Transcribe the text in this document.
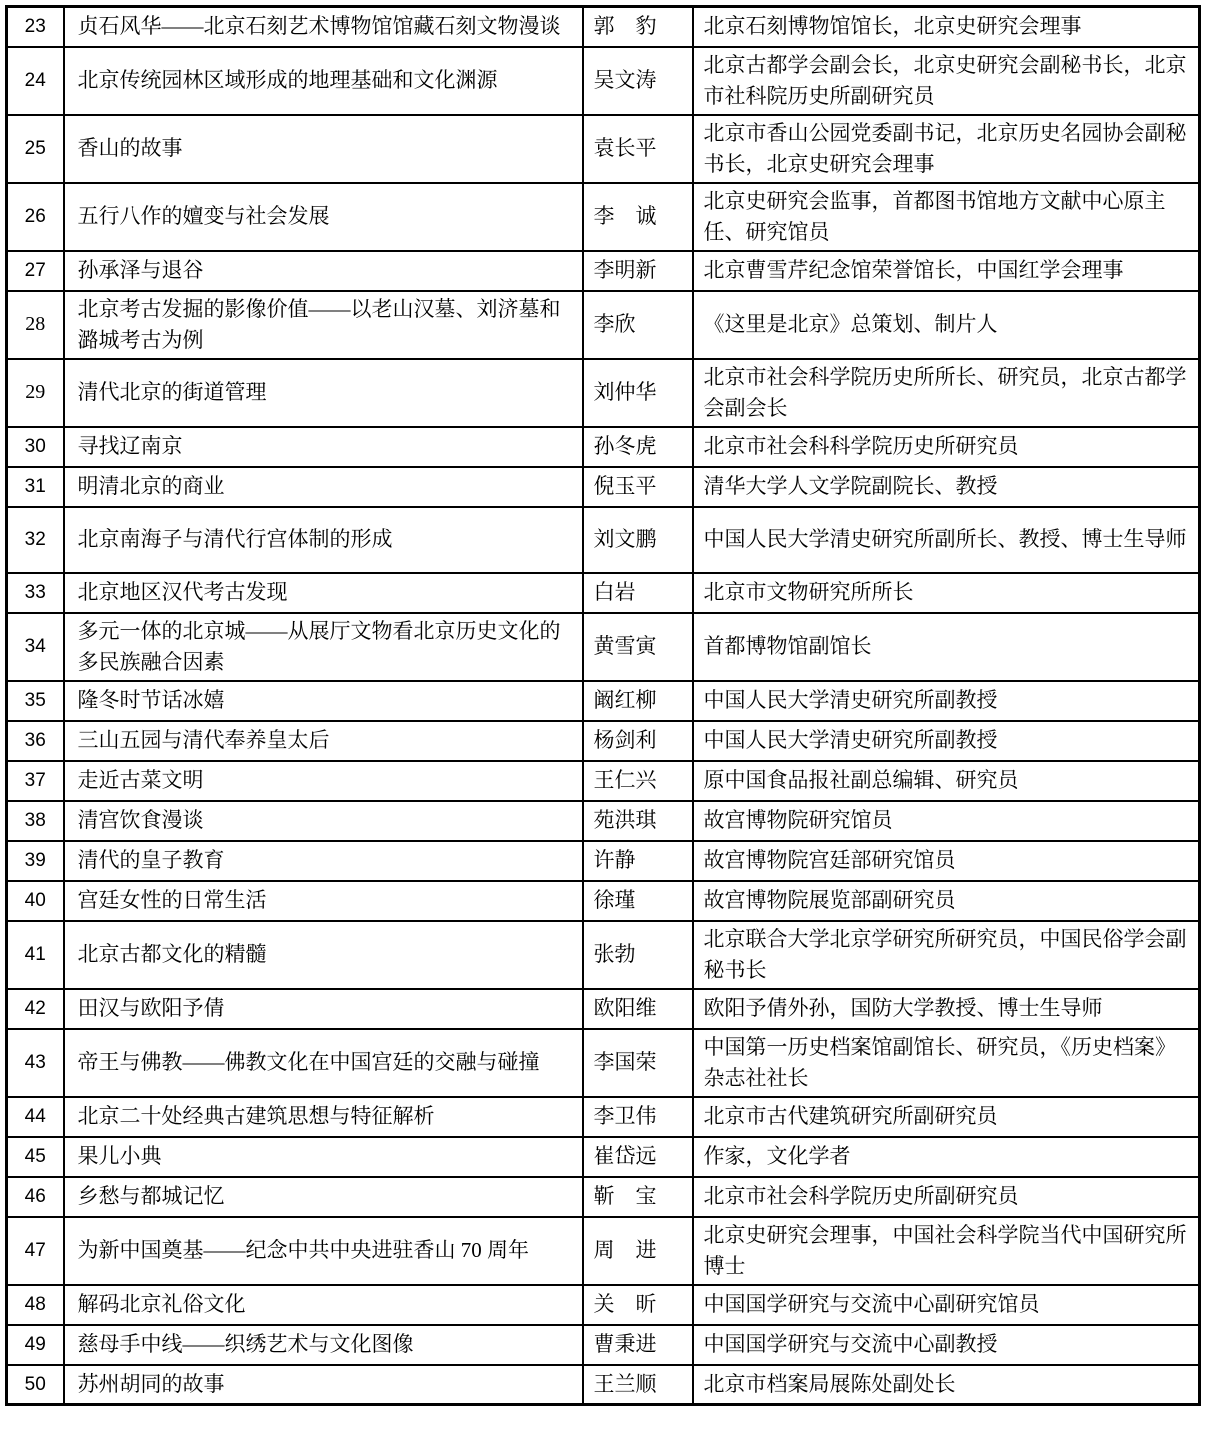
23	贞石风华——北京石刻艺术博物馆馆藏石刻文物漫谈	郭　豹	北京石刻博物馆馆长，北京史研究会理事
24	北京传统园林区域形成的地理基础和文化渊源	吴文涛	北京古都学会副会长，北京史研究会副秘书长，北京市社科院历史所副研究员
25	香山的故事	袁长平	北京市香山公园党委副书记，北京历史名园协会副秘书长，北京史研究会理事
26	五行八作的嬗变与社会发展	李　诚	北京史研究会监事，首都图书馆地方文献中心原主任、研究馆员
27	孙承泽与退谷	李明新	北京曹雪芹纪念馆荣誉馆长，中国红学会理事
28	北京考古发掘的影像价值——以老山汉墓、刘济墓和潞城考古为例	李欣	《这里是北京》总策划、制片人
29	清代北京的街道管理	刘仲华	北京市社会科学院历史所所长、研究员，北京古都学会副会长
30	寻找辽南京	孙冬虎	北京市社会科科学院历史所研究员
31	明清北京的商业	倪玉平	清华大学人文学院副院长、教授
32	北京南海子与清代行宫体制的形成	刘文鹏	中国人民大学清史研究所副所长、教授、博士生导师
33	北京地区汉代考古发现	白岩	北京市文物研究所所长
34	多元一体的北京城——从展厅文物看北京历史文化的多民族融合因素	黄雪寅	首都博物馆副馆长
35	隆冬时节话冰嬉	阚红柳	中国人民大学清史研究所副教授
36	三山五园与清代奉养皇太后	杨剑利	中国人民大学清史研究所副教授
37	走近古菜文明	王仁兴	原中国食品报社副总编辑、研究员
38	清宫饮食漫谈	苑洪琪	故宫博物院研究馆员
39	清代的皇子教育	许静	故宫博物院宫廷部研究馆员
40	宫廷女性的日常生活	徐瑾	故宫博物院展览部副研究员
41	北京古都文化的精髓	张勃	北京联合大学北京学研究所研究员，中国民俗学会副秘书长
42	田汉与欧阳予倩	欧阳维	欧阳予倩外孙，国防大学教授、博士生导师
43	帝王与佛教——佛教文化在中国宫廷的交融与碰撞	李国荣	中国第一历史档案馆副馆长、研究员，《历史档案》杂志社社长
44	北京二十处经典古建筑思想与特征解析	李卫伟	北京市古代建筑研究所副研究员
45	果儿小典	崔岱远	作家，文化学者
46	乡愁与都城记忆	靳　宝	北京市社会科学院历史所副研究员
47	为新中国奠基——纪念中共中央进驻香山 70 周年	周　进	北京史研究会理事，中国社会科学院当代中国研究所博士
48	解码北京礼俗文化	关　昕	中国国学研究与交流中心副研究馆员
49	慈母手中线——织绣艺术与文化图像	曹秉进	中国国学研究与交流中心副教授
50	苏州胡同的故事	王兰顺	北京市档案局展陈处副处长
